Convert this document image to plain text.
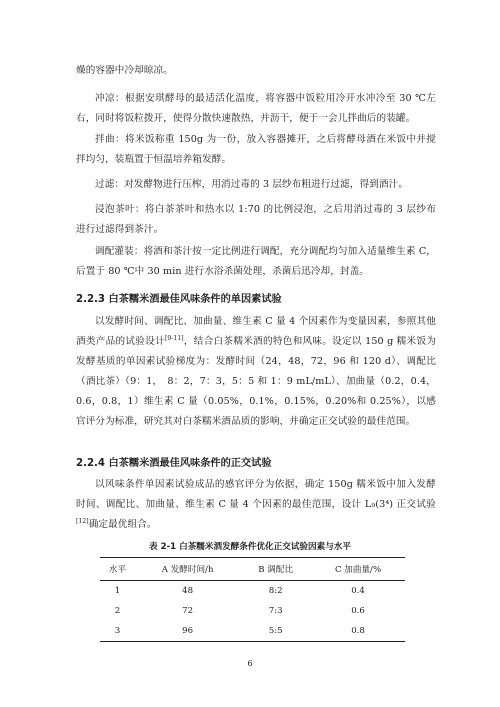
燥的容器中冷却晾凉。

冲凉：根据安琪酵母的最适活化温度，将容器中饭粒用冷开水冲冷至 30 ℃左右，同时将饭粒拨开，使得分散快速散热，并沥干，便于一会儿拌曲后的装罐。

拌曲：将米饭称重 150g 为一份，放入容器摊开，之后将酵母酒在米饭中并搅拌均匀，装瓶置于恒温培养箱发酵。

过滤：对发酵物进行压榨，用消过毒的 3 层纱布粗进行过滤，得到酒汁。

浸泡茶叶：将白茶茶叶和热水以 1:70 的比例浸泡，之后用消过毒的 3 层纱布进行过滤得到茶汁。

调配灌装：将酒和茶汁按一定比例进行调配，充分调配均匀加入适量维生素 C，后置于 80 ℃中 30 min 进行水浴杀菌处理，杀菌后迅冷却，封盖。

2.2.3 白茶糯米酒最佳风味条件的单因素试验

以发酵时间、调配比、加曲量、维生素 C 量 4 个因素作为变量因素，参照其他酒类产品的试验设计[9-11]，结合白茶糯米酒的特色和风味。设定以 150 g 糯米饭为发酵基质的单因素试验梯度为：发酵时间（24，48，72，96 和 120 d）、调配比（酒比茶）（9：1，　8：2，7：3，5：5 和 1：9 mL/mL）、加曲量（0.2，0.4，0.6，0.8，1）维生素 C 量（0.05%，0.1%，0.15%，0.20%和 0.25%），以感官评分为标准，研究其对白茶糯米酒品质的影响，并确定正交试验的最佳范围。

2.2.4 白茶糯米酒最佳风味条件的正交试验

以风味条件单因素试验成品的感官评分为依据，确定 150g 糯米饭中加入发酵时间、调配比、加曲量、维生素 C 量 4 个因素的最佳范围，设计 L₉(3⁴) 正交试验[12]确定最优组合。

表 2-1 白茶糯米酒发酵条件优化正交试验因素与水平
水平	A 发酵时间/h	B 调配比	C 加曲量/%
1	48	8:2	0.4
2	72	7:3	0.6
3	96	5:5	0.8
6
